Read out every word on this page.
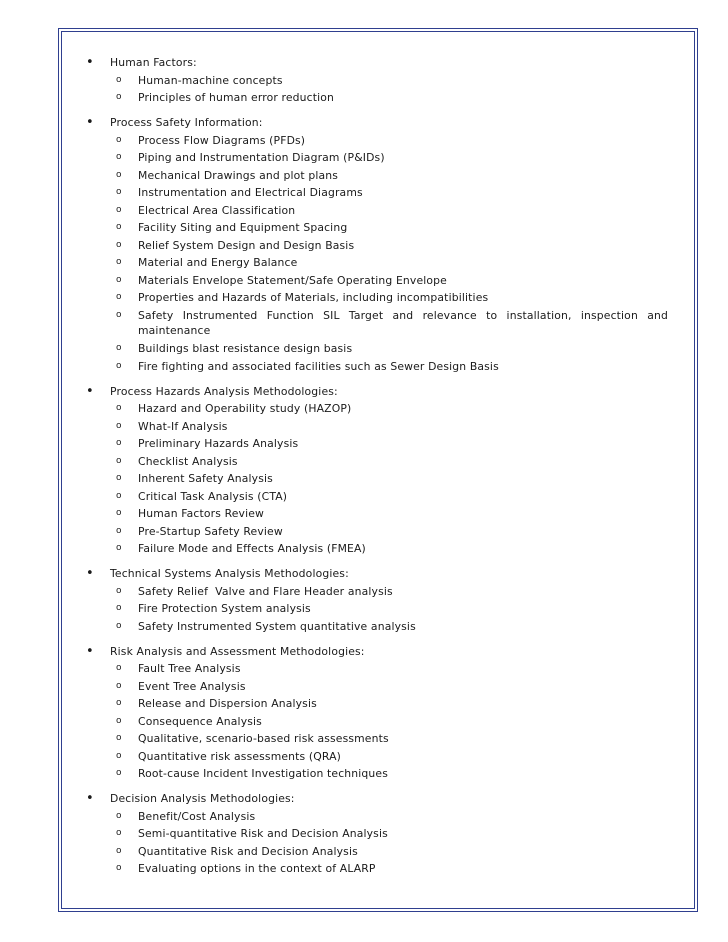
• Human Factors:
o Human-machine concepts
o Principles of human error reduction
• Process Safety Information:
o Process Flow Diagrams (PFDs)
o Piping and Instrumentation Diagram (P&IDs)
o Mechanical Drawings and plot plans
o Instrumentation and Electrical Diagrams
o Electrical Area Classification
o Facility Siting and Equipment Spacing
o Relief System Design and Design Basis
o Material and Energy Balance
o Materials Envelope Statement/Safe Operating Envelope
o Properties and Hazards of Materials, including incompatibilities
o Safety Instrumented Function SIL Target and relevance to installation, inspection and maintenance
o Buildings blast resistance design basis
o Fire fighting and associated facilities such as Sewer Design Basis
• Process Hazards Analysis Methodologies:
o Hazard and Operability study (HAZOP)
o What-If Analysis
o Preliminary Hazards Analysis
o Checklist Analysis
o Inherent Safety Analysis
o Critical Task Analysis (CTA)
o Human Factors Review
o Pre-Startup Safety Review
o Failure Mode and Effects Analysis (FMEA)
• Technical Systems Analysis Methodologies:
o Safety Relief  Valve and Flare Header analysis
o Fire Protection System analysis
o Safety Instrumented System quantitative analysis
• Risk Analysis and Assessment Methodologies:
o Fault Tree Analysis
o Event Tree Analysis
o Release and Dispersion Analysis
o Consequence Analysis
o Qualitative, scenario-based risk assessments
o Quantitative risk assessments (QRA)
o Root-cause Incident Investigation techniques
• Decision Analysis Methodologies:
o Benefit/Cost Analysis
o Semi-quantitative Risk and Decision Analysis
o Quantitative Risk and Decision Analysis
o Evaluating options in the context of ALARP
